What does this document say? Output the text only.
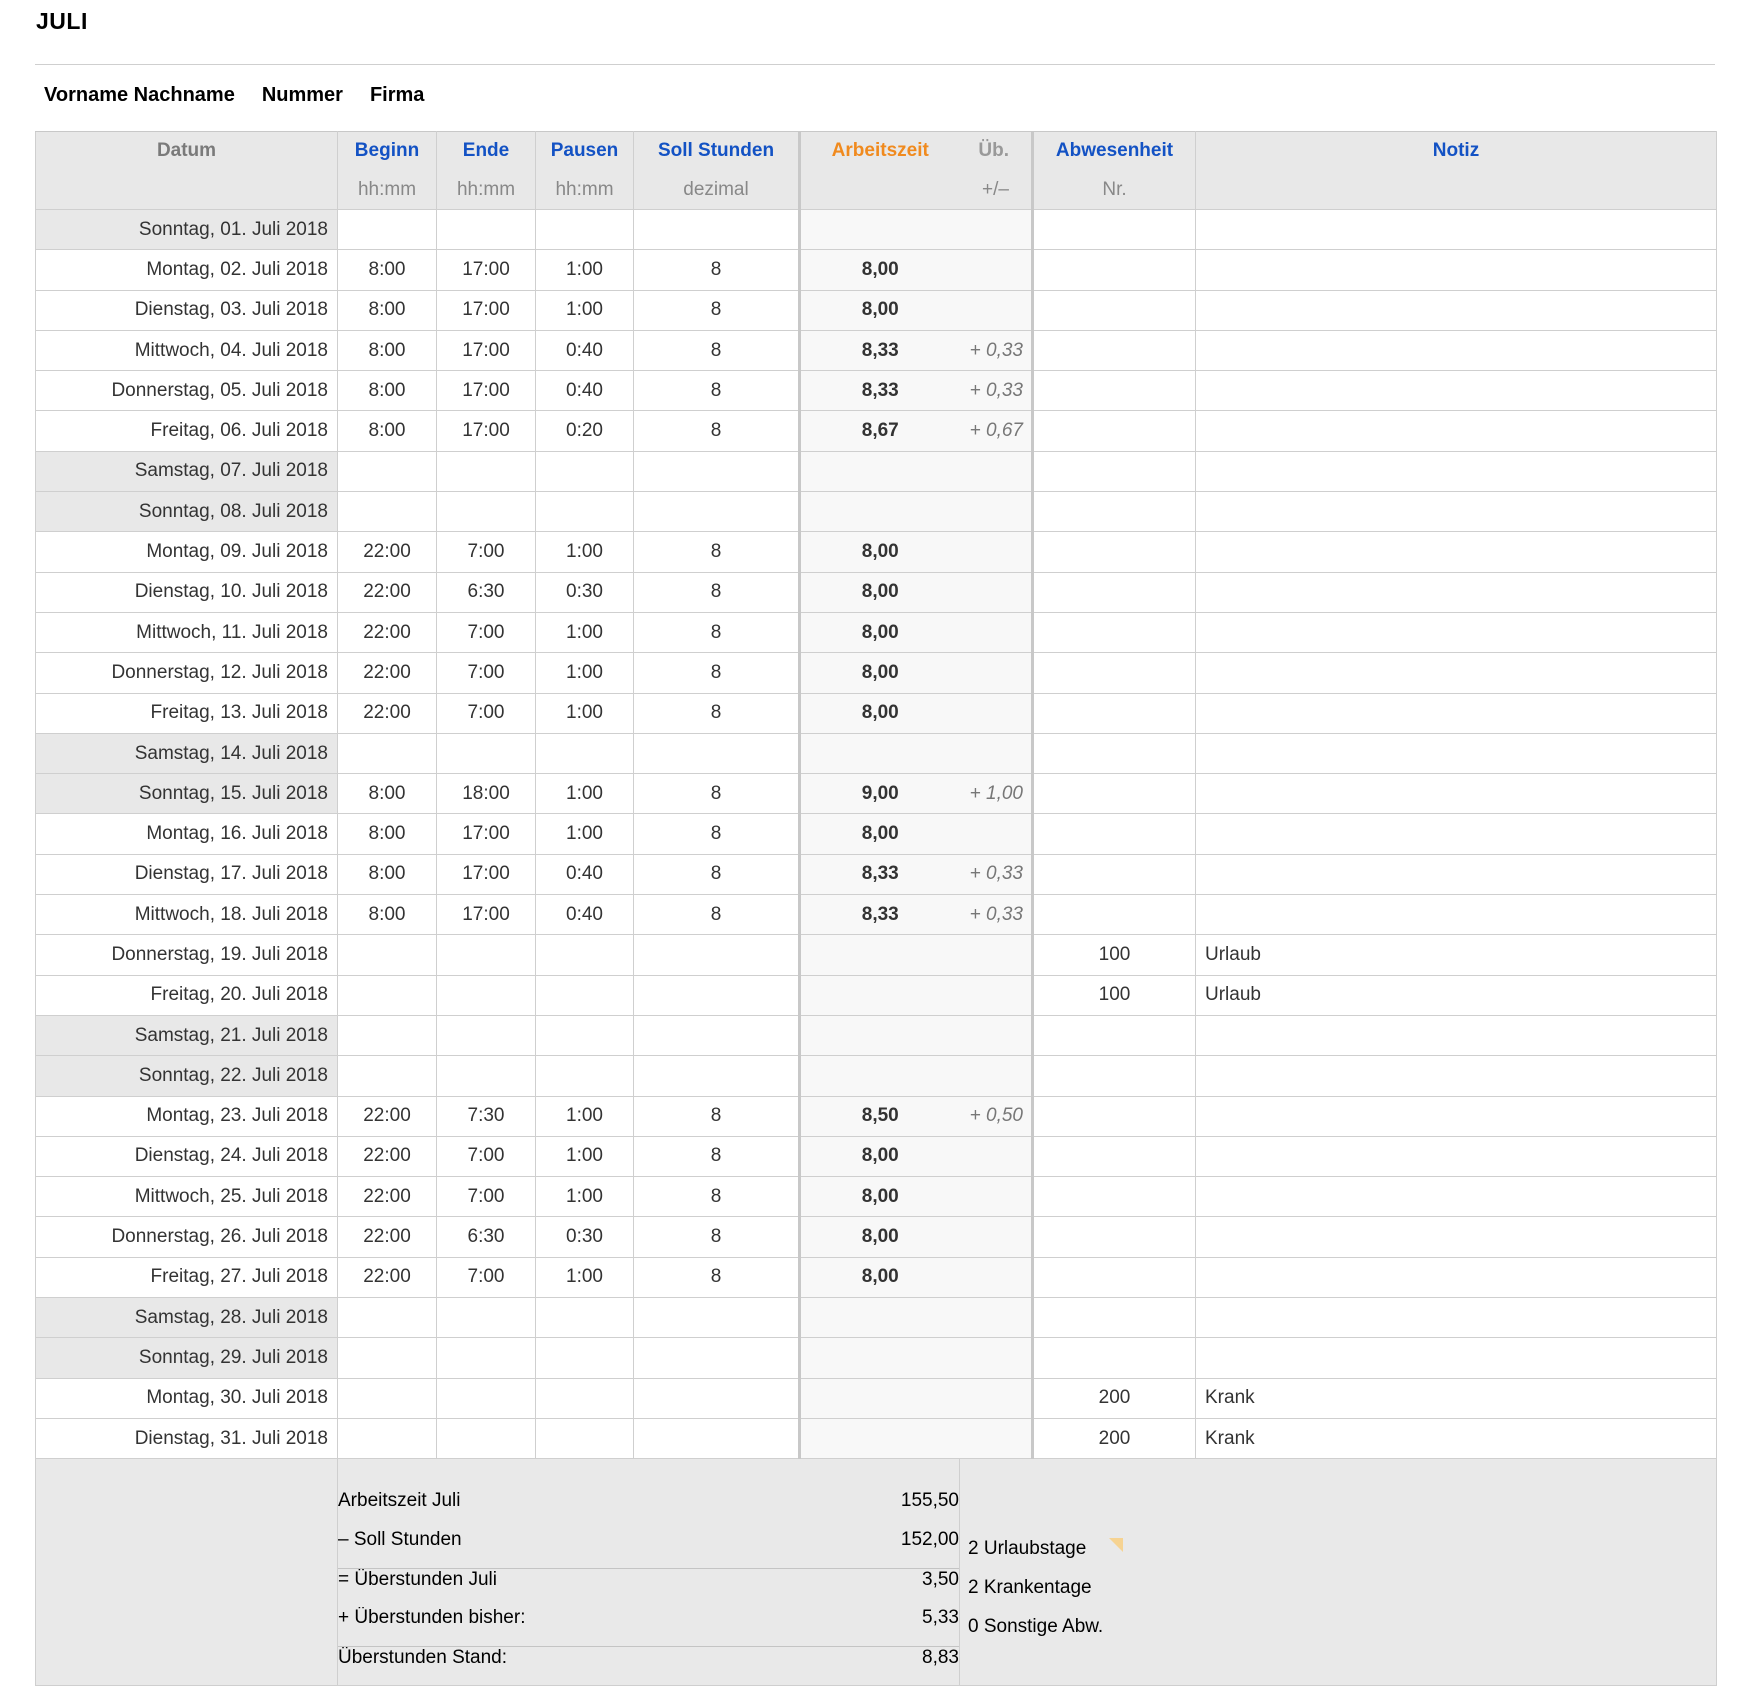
JULI
Vorname Nachname Nummer Firma
Datum	Beginn	Ende	Pausen	Soll Stunden	Arbeitszeit	Üb.	Abwesenheit	Notiz
	hh:mm	hh:mm	hh:mm	dezimal		+/–	Nr.	
Sonntag, 01. Juli 2018								
Montag, 02. Juli 2018	8:00	17:00	1:00	8	8,00			
Dienstag, 03. Juli 2018	8:00	17:00	1:00	8	8,00			
Mittwoch, 04. Juli 2018	8:00	17:00	0:40	8	8,33	+ 0,33		
Donnerstag, 05. Juli 2018	8:00	17:00	0:40	8	8,33	+ 0,33		
Freitag, 06. Juli 2018	8:00	17:00	0:20	8	8,67	+ 0,67		
Samstag, 07. Juli 2018								
Sonntag, 08. Juli 2018								
Montag, 09. Juli 2018	22:00	7:00	1:00	8	8,00			
Dienstag, 10. Juli 2018	22:00	6:30	0:30	8	8,00			
Mittwoch, 11. Juli 2018	22:00	7:00	1:00	8	8,00			
Donnerstag, 12. Juli 2018	22:00	7:00	1:00	8	8,00			
Freitag, 13. Juli 2018	22:00	7:00	1:00	8	8,00			
Samstag, 14. Juli 2018								
Sonntag, 15. Juli 2018	8:00	18:00	1:00	8	9,00	+ 1,00		
Montag, 16. Juli 2018	8:00	17:00	1:00	8	8,00			
Dienstag, 17. Juli 2018	8:00	17:00	0:40	8	8,33	+ 0,33		
Mittwoch, 18. Juli 2018	8:00	17:00	0:40	8	8,33	+ 0,33		
Donnerstag, 19. Juli 2018							100	Urlaub
Freitag, 20. Juli 2018							100	Urlaub
Samstag, 21. Juli 2018								
Sonntag, 22. Juli 2018								
Montag, 23. Juli 2018	22:00	7:30	1:00	8	8,50	+ 0,50		
Dienstag, 24. Juli 2018	22:00	7:00	1:00	8	8,00			
Mittwoch, 25. Juli 2018	22:00	7:00	1:00	8	8,00			
Donnerstag, 26. Juli 2018	22:00	6:30	0:30	8	8,00			
Freitag, 27. Juli 2018	22:00	7:00	1:00	8	8,00			
Samstag, 28. Juli 2018								
Sonntag, 29. Juli 2018								
Montag, 30. Juli 2018							200	Krank
Dienstag, 31. Juli 2018							200	Krank

Arbeitszeit Juli	155,50
– Soll Stunden	152,00
= Überstunden Juli	3,50
+ Überstunden bisher:	5,33
Überstunden Stand:	8,83

2 Urlaubstage
2 Krankentage
0 Sonstige Abw.
